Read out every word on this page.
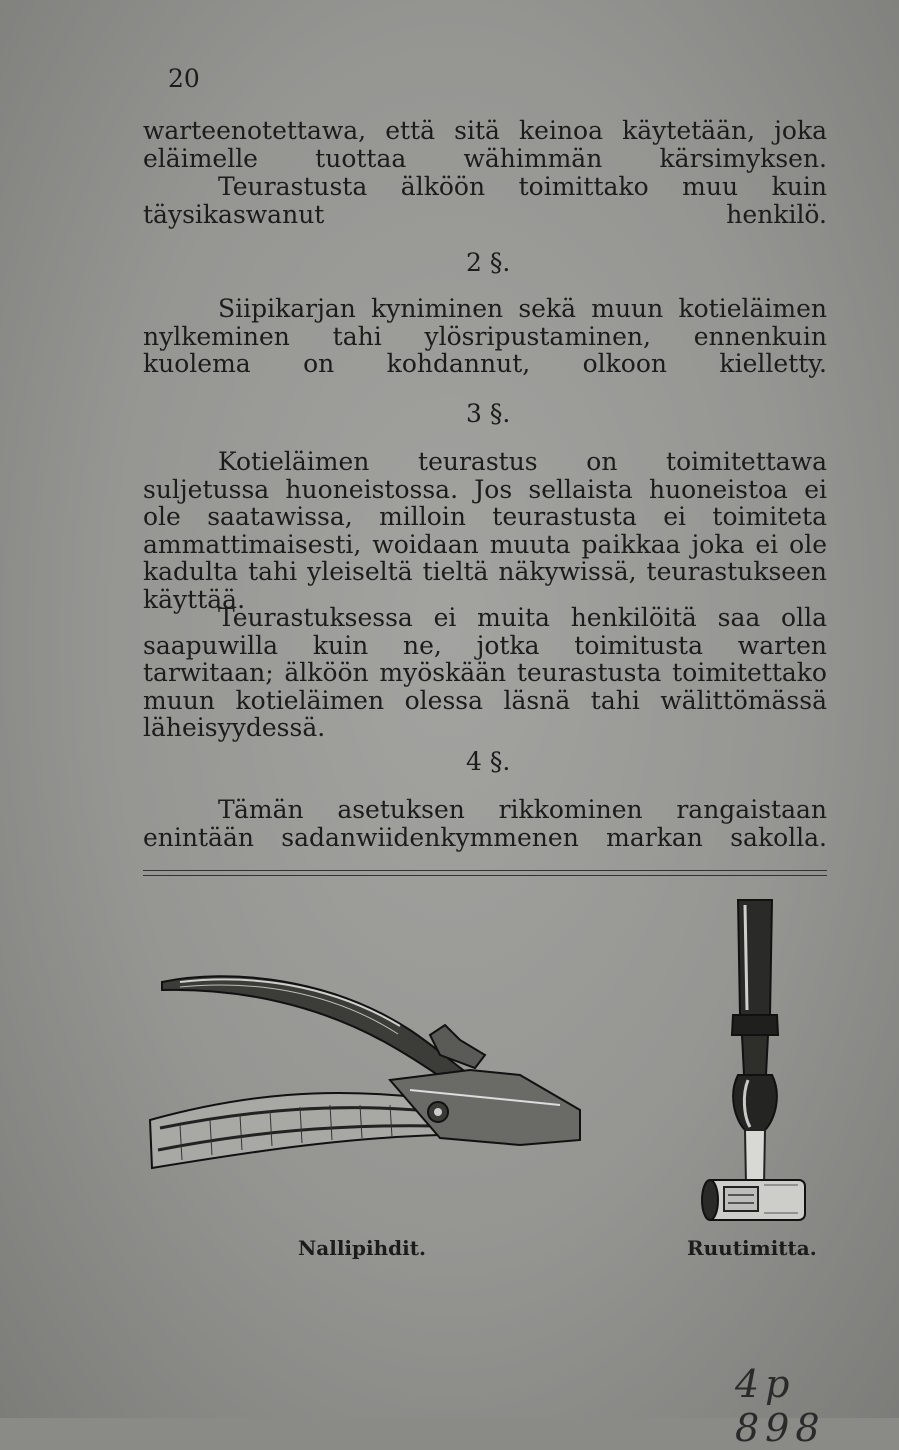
20
warteenotettawa, että sitä keinoa käytetään, joka eläimelle tuottaa wähimmän kärsimyksen.
Teurastusta älköön toimittako muu kuin täysikaswanut henkilö.
2 §.
Siipikarjan kyniminen sekä muun kotieläimen nylkeminen tahi ylösripustaminen, ennenkuin kuolema on kohdannut, olkoon kielletty.
3 §.
Kotieläimen teurastus on toimitettawa suljetussa huoneistossa. Jos sellaista huoneistoa ei ole saatawissa, milloin teurastusta ei toimiteta ammattimaisesti, woidaan muuta paikkaa joka ei ole kadulta tahi yleiseltä tieltä näkywissä, teurastukseen käyttää.
Teurastuksessa ei muita henkilöitä saa olla saapuwilla kuin ne, jotka toimitusta warten tarwitaan; älköön myöskään teurastusta toimitettako muun kotieläimen olessa läsnä tahi wälittömässä läheisyydessä.
4 §.
Tämän asetuksen rikkominen rangaistaan enintään sadanwiidenkymmenen markan sakolla.
Nallipihdit.	Ruutimitta.
4p 898
